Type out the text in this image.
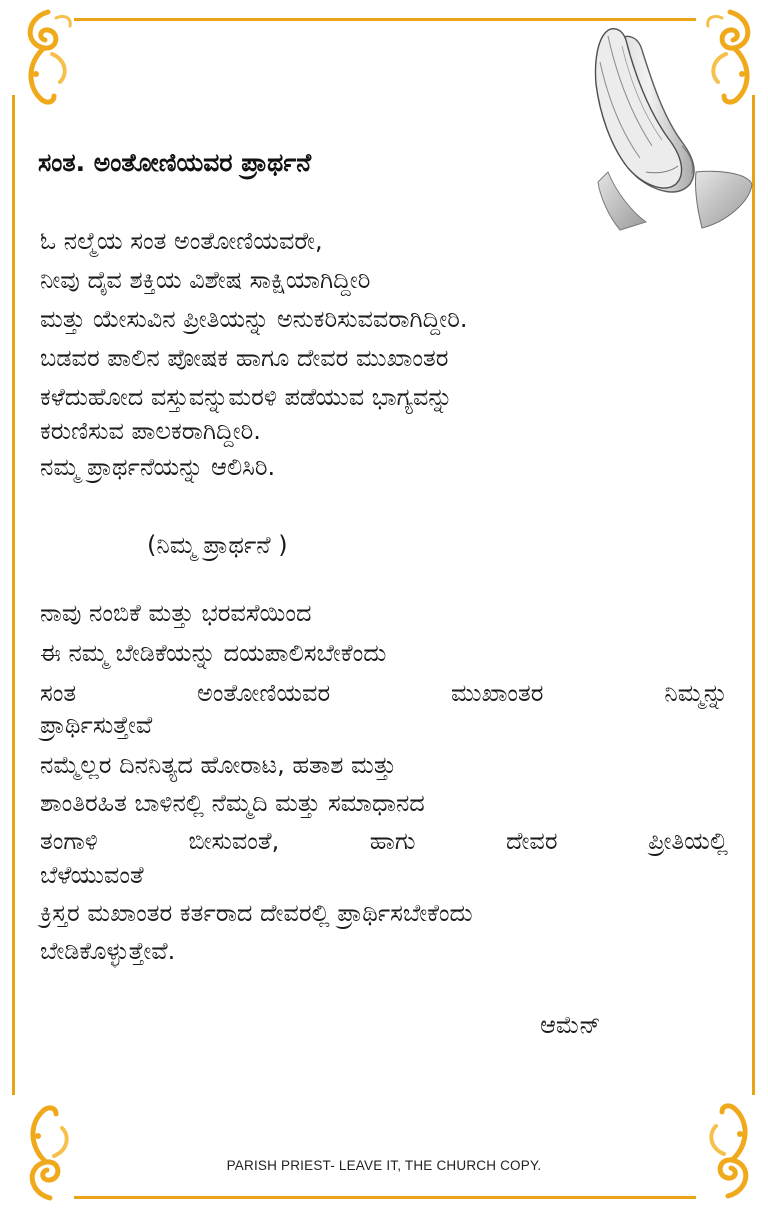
ಸಂತ. ಅಂತೋಣಿಯವರ ಪ್ರಾರ್ಥನೆ
ಓ ನಲ್ಮೆಯ ಸಂತ ಅಂತೋಣಿಯವರೇ,
ನೀವು ದೈವ ಶಕ್ತಿಯ ವಿಶೇಷ ಸಾಕ್ಷಿಯಾಗಿದ್ದೀರಿ
ಮತ್ತು ಯೇಸುವಿನ ಪ್ರೀತಿಯನ್ನು ಅನುಕರಿಸುವವರಾಗಿದ್ದೀರಿ.
ಬಡವರ ಪಾಲಿನ ಪೋಷಕ ಹಾಗೂ ದೇವರ ಮುಖಾಂತರ
ಕಳೆದುಹೋದ ವಸ್ತುವನ್ನುಮರಳಿ ಪಡೆಯುವ ಭಾಗ್ಯವನ್ನು
ಕರುಣಿಸುವ ಪಾಲಕರಾಗಿದ್ದೀರಿ.
ನಮ್ಮ ಪ್ರಾರ್ಥನೆಯನ್ನು ಆಲಿಸಿರಿ.
(ನಿಮ್ಮ ಪ್ರಾರ್ಥನೆ )
ನಾವು ನಂಬಿಕೆ ಮತ್ತು ಭರವಸೆಯಿಂದ
ಈ ನಮ್ಮ ಬೇಡಿಕೆಯನ್ನು ದಯಪಾಲಿಸಬೇಕೆಂದು
ಸಂತ	ಅಂತೋಣಿಯವರ	ಮುಖಾಂತರ	ನಿಮ್ಮನ್ನು
ಪ್ರಾರ್ಥಿಸುತ್ತೇವೆ
ನಮ್ಮೆಲ್ಲರ ದಿನನಿತ್ಯದ ಹೋರಾಟ, ಹತಾಶ ಮತ್ತು
ಶಾಂತಿರಹಿತ ಬಾಳಿನಲ್ಲಿ ನೆಮ್ಮದಿ ಮತ್ತು ಸಮಾಧಾನದ
ತಂಗಾಳಿ	ಬೀಸುವಂತೆ,	ಹಾಗು	ದೇವರ	ಪ್ರೀತಿಯಲ್ಲಿ
ಬೆಳೆಯುವಂತೆ
ಕ್ರಿಸ್ತರ ಮಖಾಂತರ ಕರ್ತರಾದ ದೇವರಲ್ಲಿ ಪ್ರಾರ್ಥಿಸಬೇಕೆಂದು
ಬೇಡಿಕೊಳ್ಳುತ್ತೇವೆ.
ಆಮೆನ್
PARISH PRIEST- LEAVE IT, THE CHURCH COPY.
